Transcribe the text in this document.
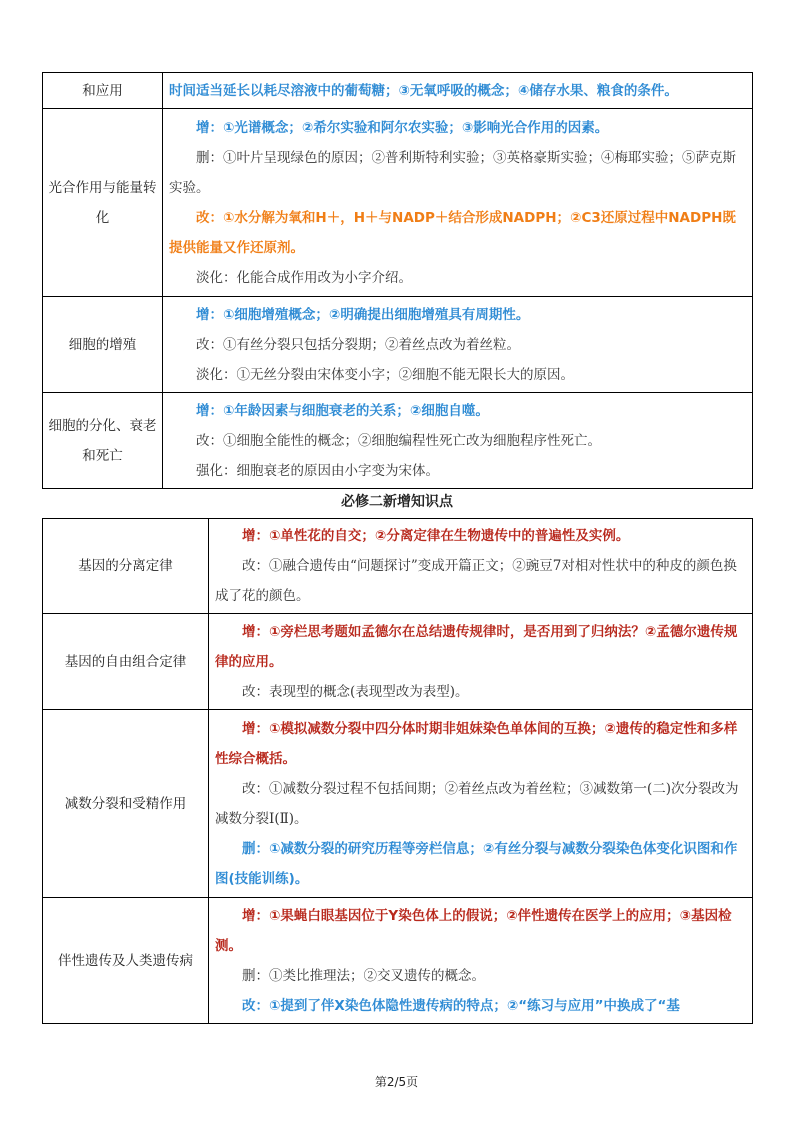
和应用	时间适当延长以耗尽溶液中的葡萄糖；③无氧呼吸的概念；④储存水果、粮食的条件。

光合作用与能量转化	增：①光谱概念；②希尔实验和阿尔农实验；③影响光合作用的因素。

删：①叶片呈现绿色的原因；②普利斯特利实验；③英格豪斯实验；④梅耶实验；⑤萨克斯实验。

改：①水分解为氧和H＋，H＋与NADP＋结合形成NADPH；②C3还原过程中NADPH既提供能量又作还原剂。

淡化：化能合成作用改为小字介绍。

细胞的增殖	增：①细胞增殖概念；②明确提出细胞增殖具有周期性。

改：①有丝分裂只包括分裂期；②着丝点改为着丝粒。

淡化：①无丝分裂由宋体变小字；②细胞不能无限长大的原因。

细胞的分化、衰老和死亡	增：①年龄因素与细胞衰老的关系；②细胞自噬。

改：①细胞全能性的概念；②细胞编程性死亡改为细胞程序性死亡。

强化：细胞衰老的原因由小字变为宋体。

必修二新增知识点
基因的分离定律	增：①单性花的自交；②分离定律在生物遗传中的普遍性及实例。

改：①融合遗传由“问题探讨”变成开篇正文；②豌豆7对相对性状中的种皮的颜色换成了花的颜色。

基因的自由组合定律	增：①旁栏思考题如孟德尔在总结遗传规律时，是否用到了归纳法？②孟德尔遗传规律的应用。

改：表现型的概念(表现型改为表型)。

减数分裂和受精作用	增：①模拟减数分裂中四分体时期非姐妹染色单体间的互换；②遗传的稳定性和多样性综合概括。

改：①减数分裂过程不包括间期；②着丝点改为着丝粒；③减数第一(二)次分裂改为减数分裂Ⅰ(Ⅱ)。

删：①减数分裂的研究历程等旁栏信息；②有丝分裂与减数分裂染色体变化识图和作图(技能训练)。

伴性遗传及人类遗传病	增：①果蝇白眼基因位于Y染色体上的假说；②伴性遗传在医学上的应用；③基因检测。

删：①类比推理法；②交叉遗传的概念。

改：①提到了伴X染色体隐性遗传病的特点；②“练习与应用”中换成了“基

第2/5页
